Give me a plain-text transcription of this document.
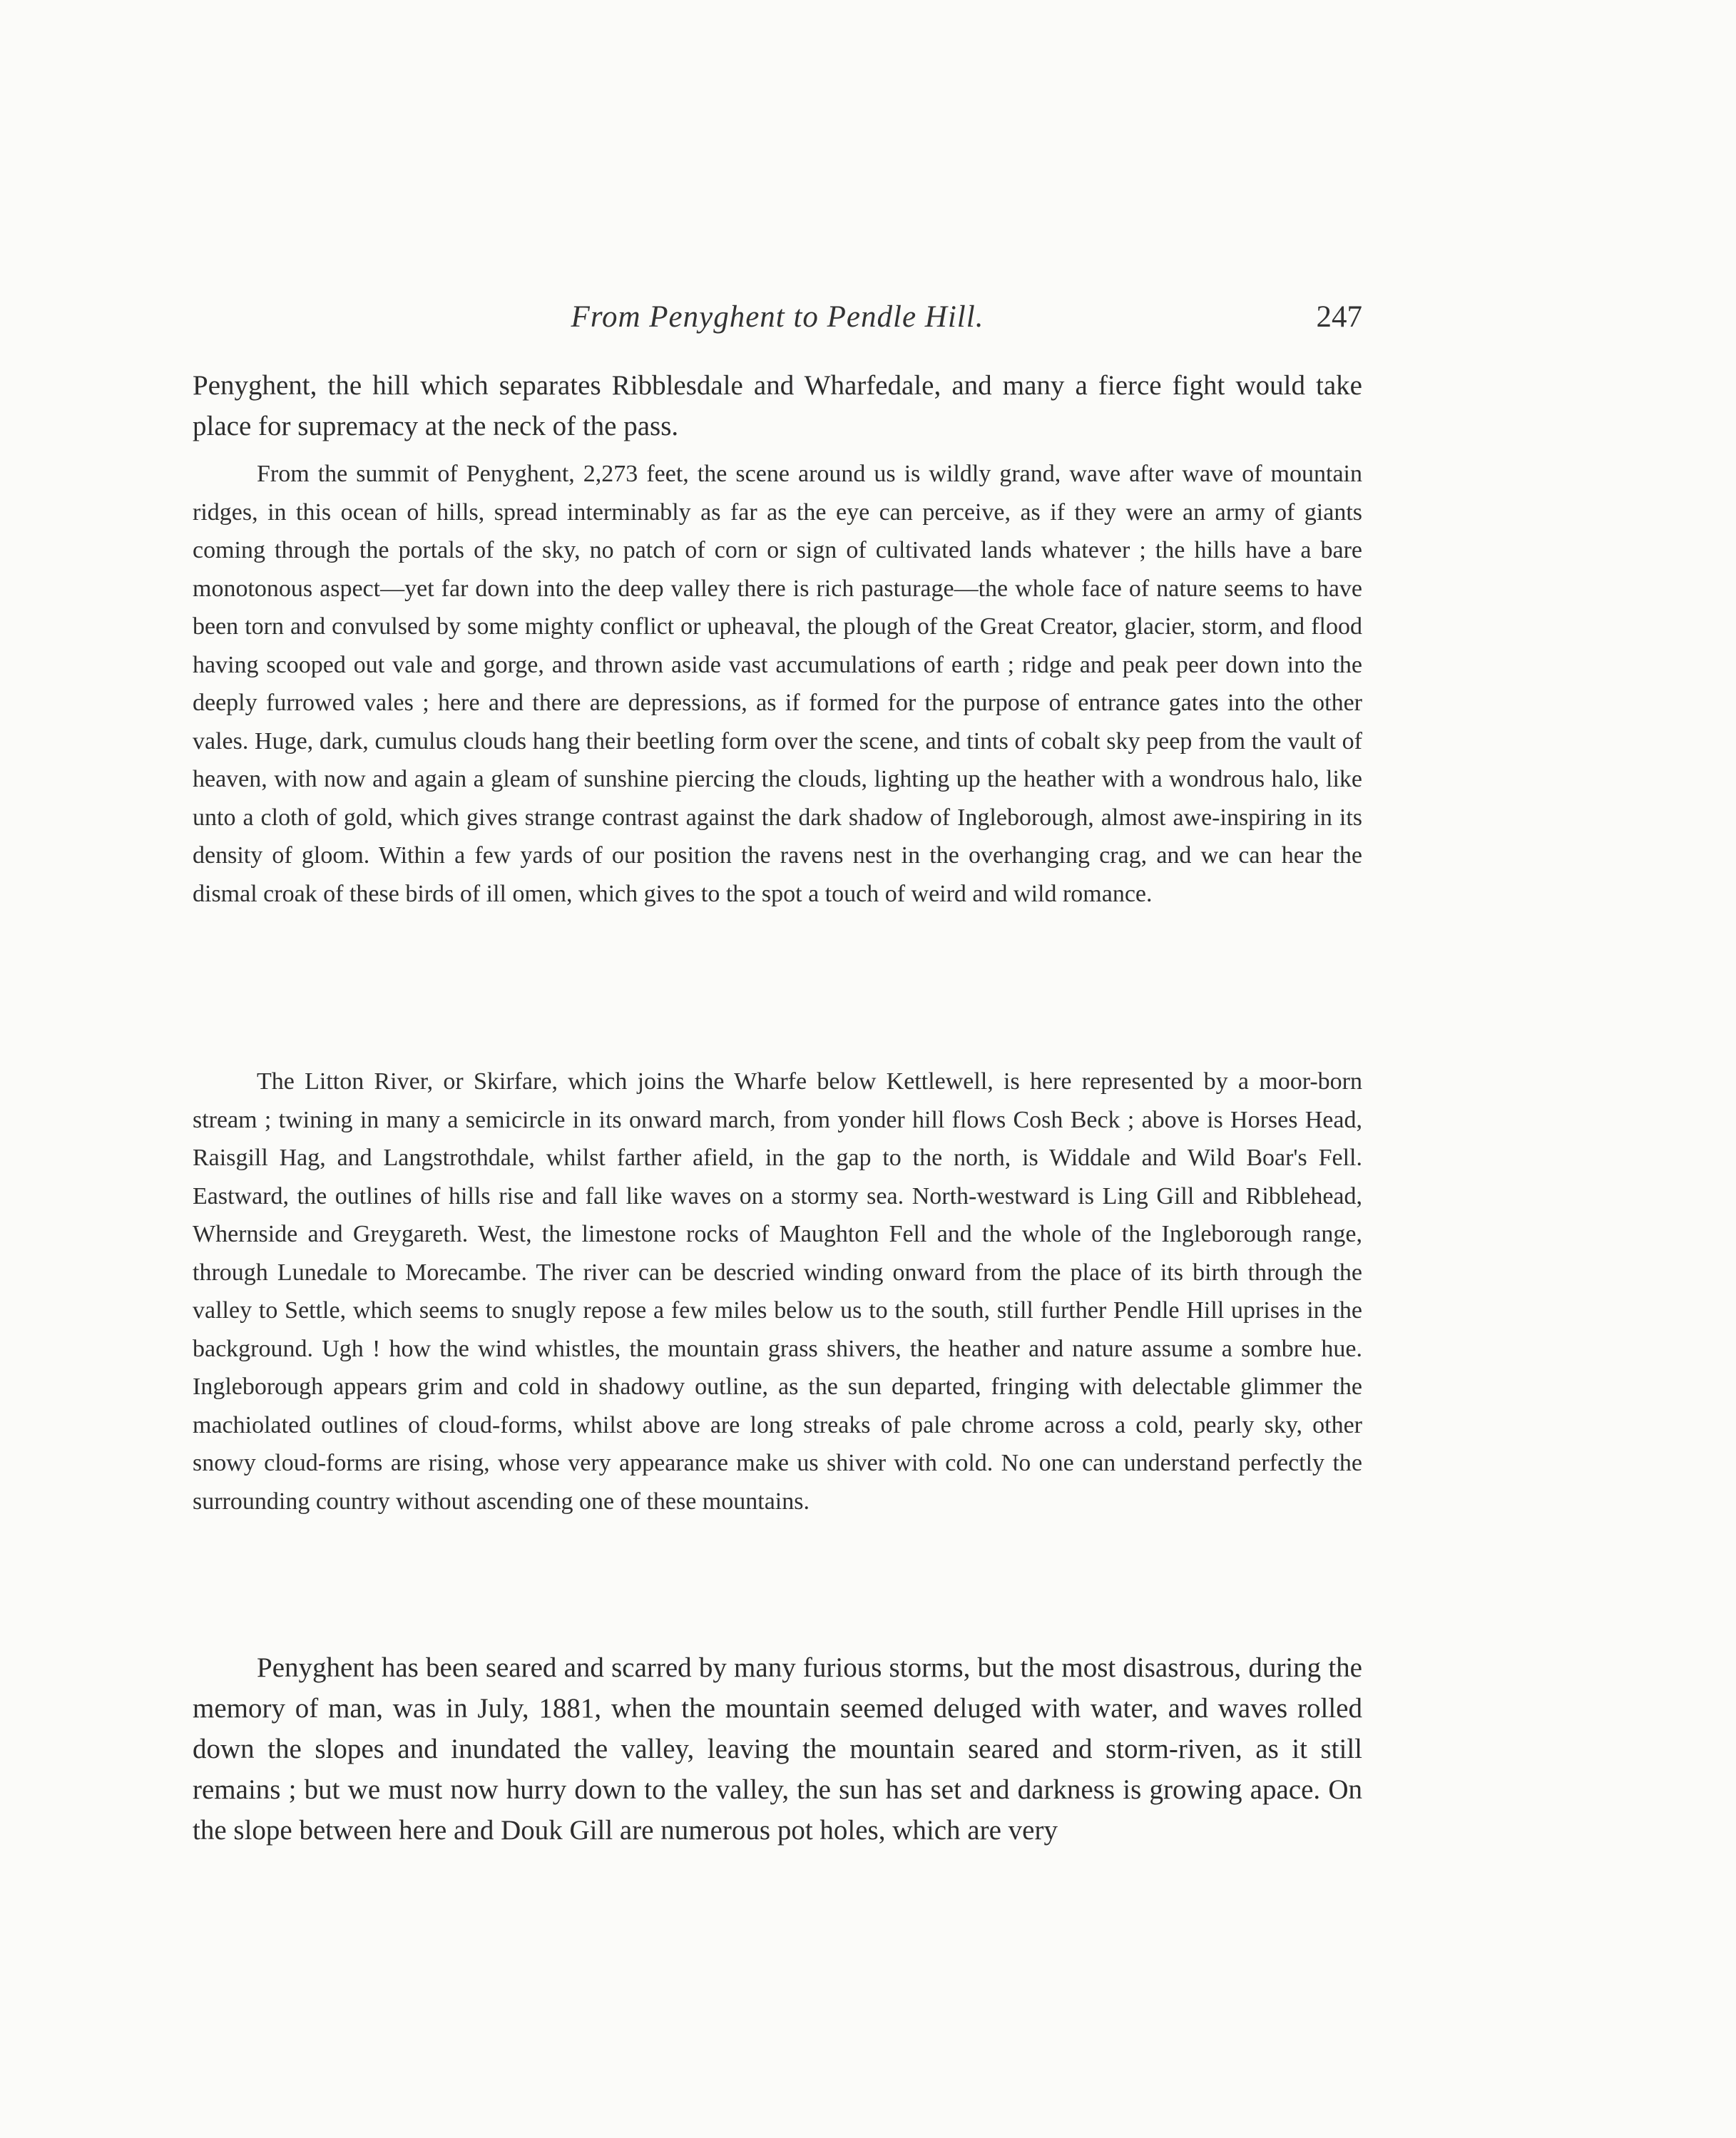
From Penyghent to Pendle Hill.	247

Penyghent, the hill which separates Ribblesdale and Wharfedale, and many a fierce fight would take place for supremacy at the neck of the pass.

From the summit of Penyghent, 2,273 feet, the scene around us is wildly grand, wave after wave of mountain ridges, in this ocean of hills, spread interminably as far as the eye can perceive, as if they were an army of giants coming through the portals of the sky, no patch of corn or sign of cultivated lands whatever ; the hills have a bare monotonous aspect—yet far down into the deep valley there is rich pasturage—the whole face of nature seems to have been torn and convulsed by some mighty conflict or upheaval, the plough of the Great Creator, glacier, storm, and flood having scooped out vale and gorge, and thrown aside vast accumulations of earth ; ridge and peak peer down into the deeply furrowed vales ; here and there are depressions, as if formed for the purpose of entrance gates into the other vales. Huge, dark, cumulus clouds hang their beetling form over the scene, and tints of cobalt sky peep from the vault of heaven, with now and again a gleam of sunshine piercing the clouds, lighting up the heather with a wondrous halo, like unto a cloth of gold, which gives strange contrast against the dark shadow of Ingleborough, almost awe-inspiring in its density of gloom. Within a few yards of our position the ravens nest in the overhanging crag, and we can hear the dismal croak of these birds of ill omen, which gives to the spot a touch of weird and wild romance.

The Litton River, or Skirfare, which joins the Wharfe below Kettlewell, is here represented by a moor-born stream ; twining in many a semicircle in its onward march, from yonder hill flows Cosh Beck ; above is Horses Head, Raisgill Hag, and Langstrothdale, whilst farther afield, in the gap to the north, is Widdale and Wild Boar's Fell. Eastward, the outlines of hills rise and fall like waves on a stormy sea. North-westward is Ling Gill and Ribblehead, Whernside and Greygareth. West, the limestone rocks of Maughton Fell and the whole of the Ingleborough range, through Lunedale to Morecambe. The river can be descried winding onward from the place of its birth through the valley to Settle, which seems to snugly repose a few miles below us to the south, still further Pendle Hill uprises in the background. Ugh ! how the wind whistles, the mountain grass shivers, the heather and nature assume a sombre hue. Ingleborough appears grim and cold in shadowy outline, as the sun departed, fringing with delectable glimmer the machiolated outlines of cloud-forms, whilst above are long streaks of pale chrome across a cold, pearly sky, other snowy cloud-forms are rising, whose very appearance make us shiver with cold. No one can understand perfectly the surrounding country without ascending one of these mountains.

Penyghent has been seared and scarred by many furious storms, but the most disastrous, during the memory of man, was in July, 1881, when the mountain seemed deluged with water, and waves rolled down the slopes and inundated the valley, leaving the mountain seared and storm-riven, as it still remains ; but we must now hurry down to the valley, the sun has set and darkness is growing apace. On the slope between here and Douk Gill are numerous pot holes, which are very
